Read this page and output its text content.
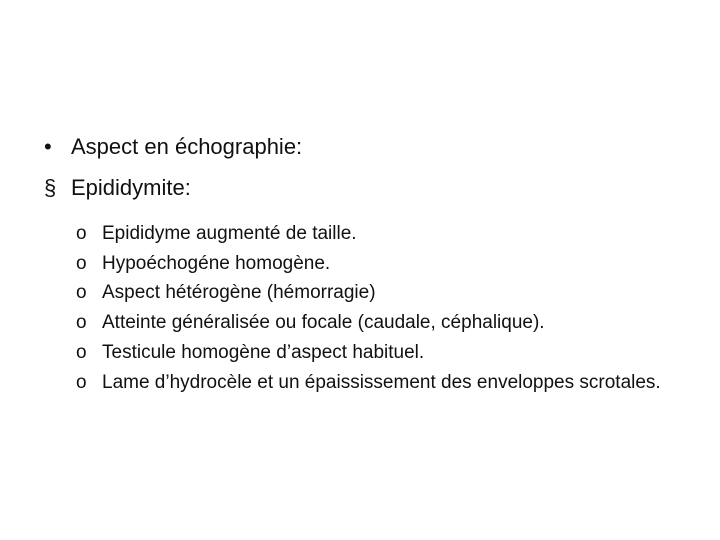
• Aspect en échographie:
§ Epididymite:
o Epididyme augmenté de taille.
o Hypoéchogéne homogène.
o Aspect hétérogène (hémorragie)
o Atteinte généralisée ou focale (caudale, céphalique).
o Testicule homogène d’aspect habituel.
o Lame d’hydrocèle et un épaississement des enveloppes scrotales.
